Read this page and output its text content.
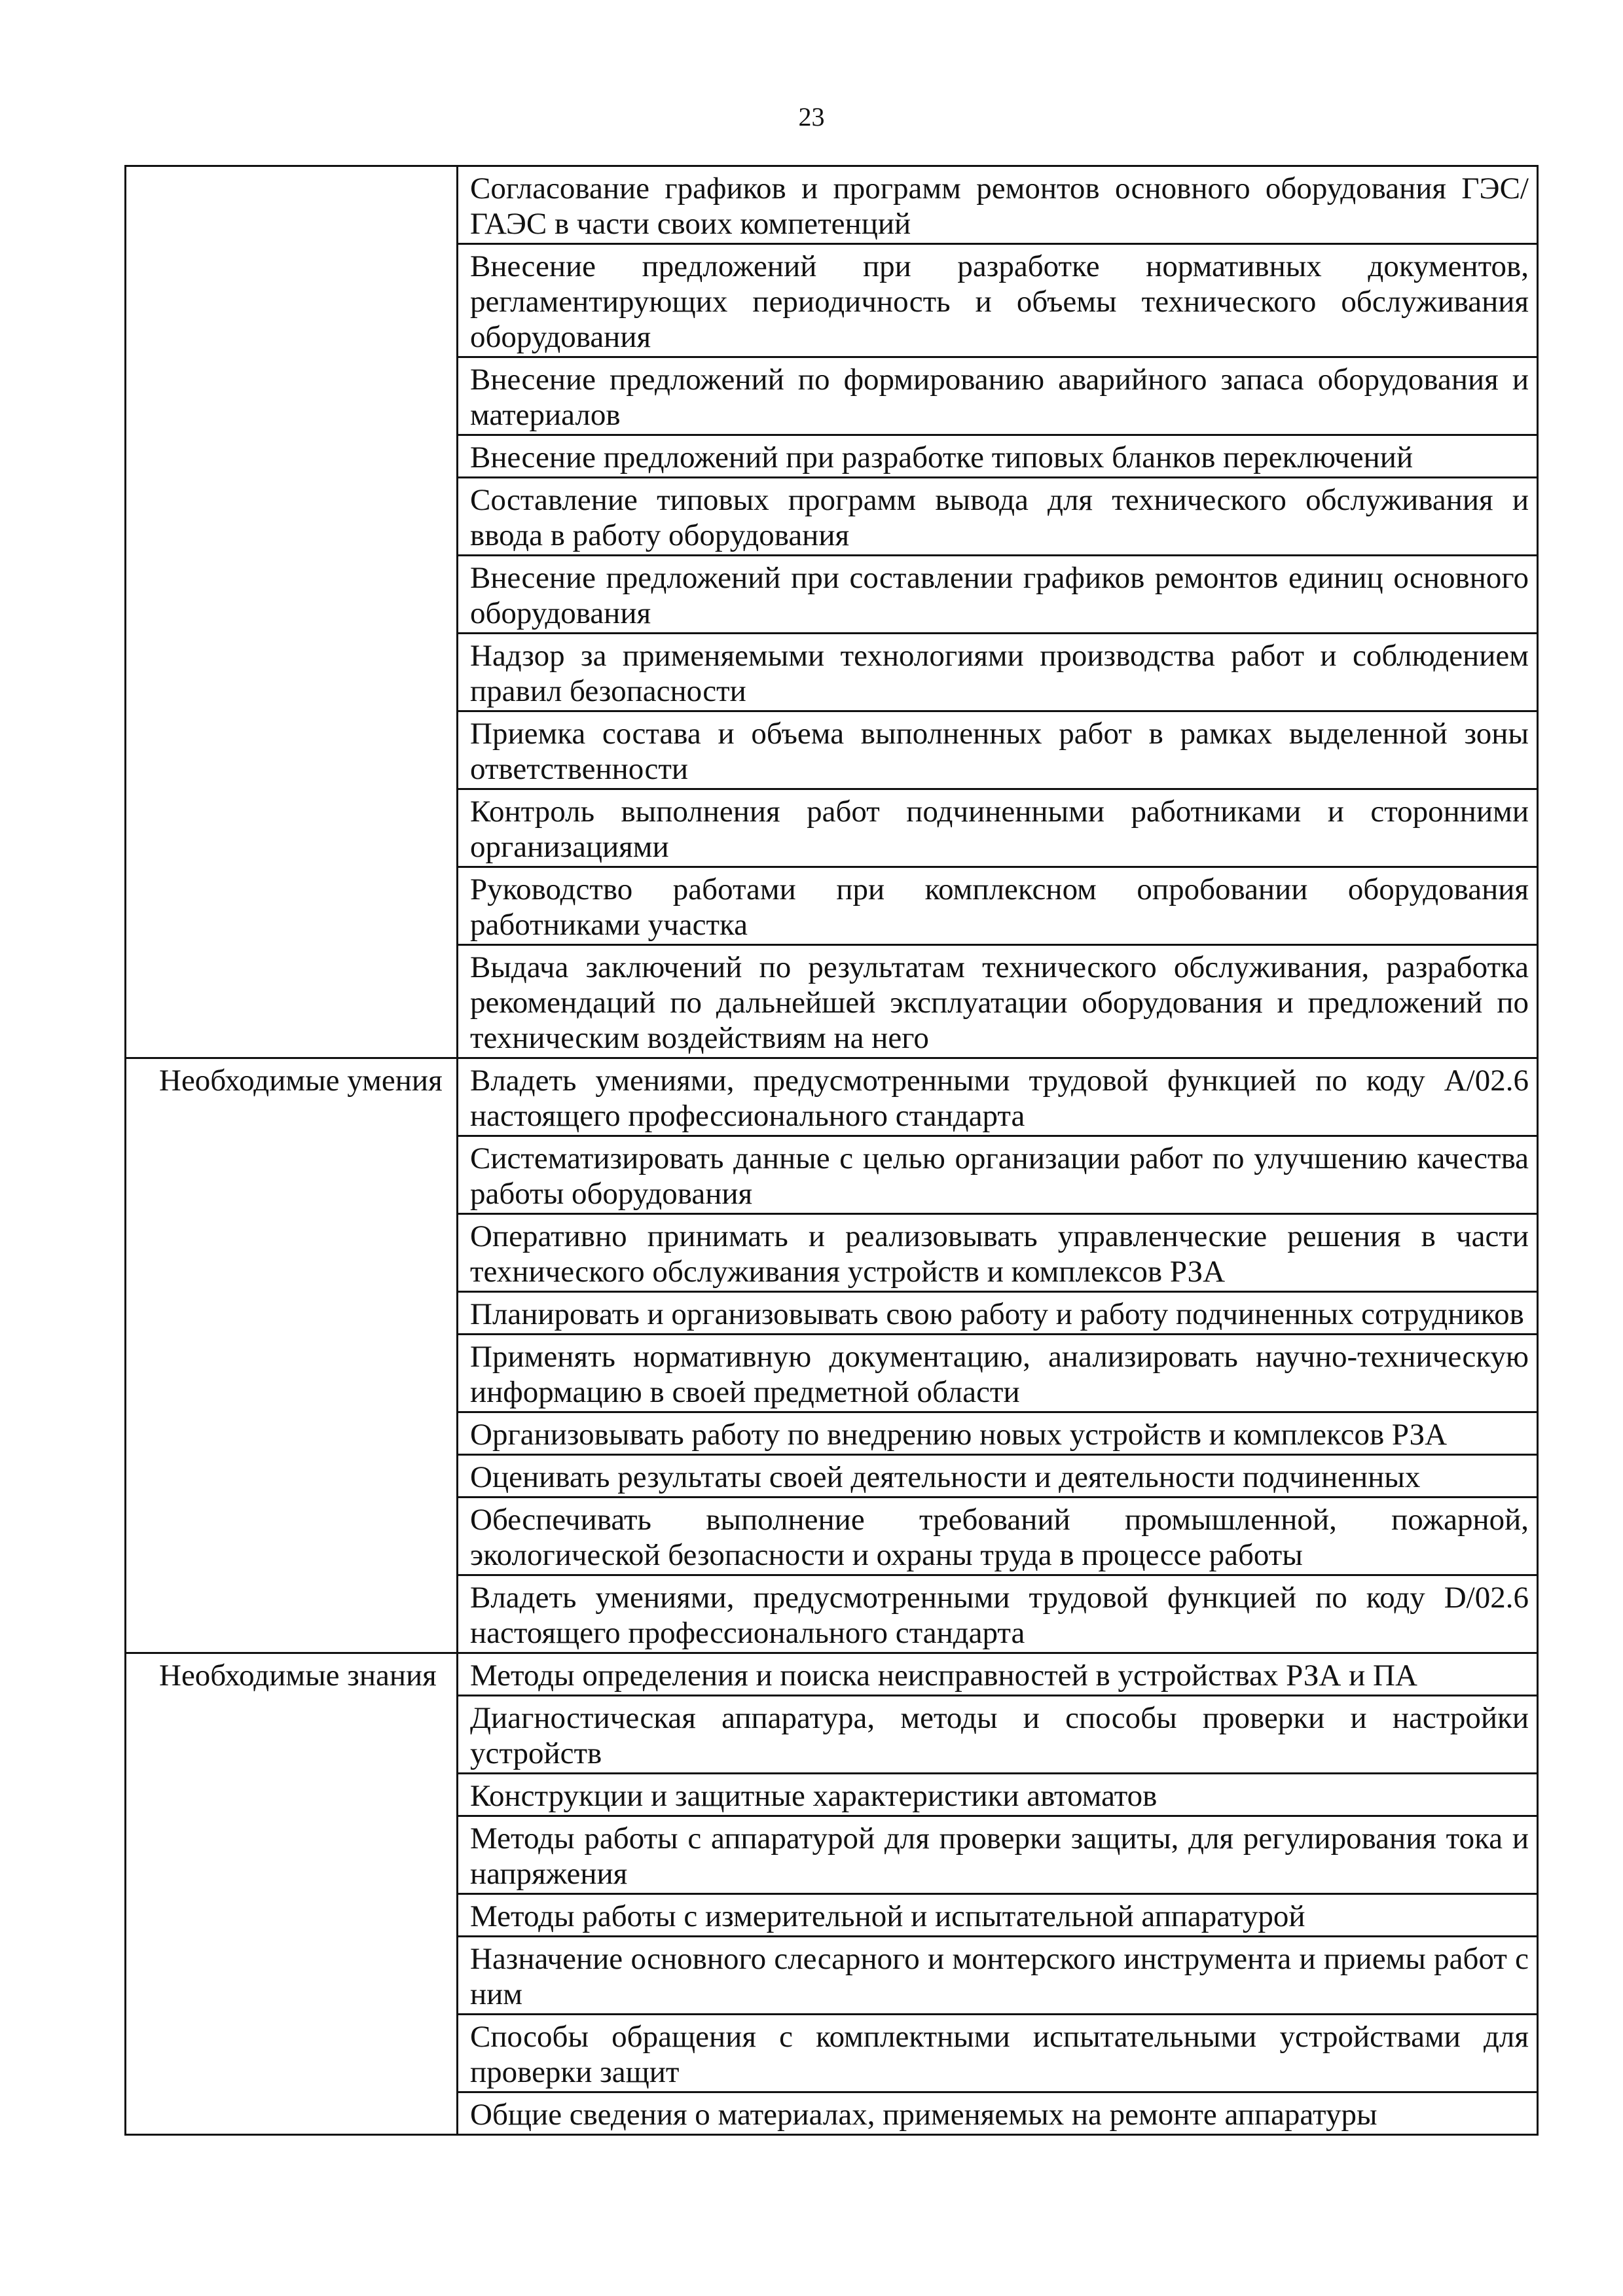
23
	Согласование графиков и программ ремонтов основного оборудования ГЭС/ГАЭС в части своих компетенций
	Внесение предложений при разработке нормативных документов, регламентирующих периодичность и объемы технического обслуживания оборудования
	Внесение предложений по формированию аварийного запаса оборудования и материалов
	Внесение предложений при разработке типовых бланков переключений
	Составление типовых программ вывода для технического обслуживания и ввода в работу оборудования
	Внесение предложений при составлении графиков ремонтов единиц основного оборудования
	Надзор за применяемыми технологиями производства работ и соблюдением правил безопасности
	Приемка состава и объема выполненных работ в рамках выделенной зоны ответственности
	Контроль выполнения работ подчиненными работниками и сторонними организациями
	Руководство работами при комплексном опробовании оборудования работниками участка
	Выдача заключений по результатам технического обслуживания, разработка рекомендаций по дальнейшей эксплуатации оборудования и предложений по техническим воздействиям на него
Необходимые умения	Владеть умениями, предусмотренными трудовой функцией по коду A/02.6 настоящего профессионального стандарта
	Систематизировать данные с целью организации работ по улучшению качества работы оборудования
	Оперативно принимать и реализовывать управленческие решения в части технического обслуживания устройств и комплексов РЗА
	Планировать и организовывать свою работу и работу подчиненных сотрудников
	Применять нормативную документацию, анализировать научно-техническую информацию в своей предметной области
	Организовывать работу по внедрению новых устройств и комплексов РЗА
	Оценивать результаты своей деятельности и деятельности подчиненных
	Обеспечивать выполнение требований промышленной, пожарной, экологической безопасности и охраны труда в процессе работы
	Владеть умениями, предусмотренными трудовой функцией по коду D/02.6 настоящего профессионального стандарта
Необходимые знания	Методы определения и поиска неисправностей в устройствах РЗА и ПА
	Диагностическая аппаратура, методы и способы проверки и настройки устройств
	Конструкции и защитные характеристики автоматов
	Методы работы с аппаратурой для проверки защиты, для регулирования тока и напряжения
	Методы работы с измерительной и испытательной аппаратурой
	Назначение основного слесарного и монтерского инструмента и приемы работ с ним
	Способы обращения с комплектными испытательными устройствами для проверки защит
	Общие сведения о материалах, применяемых на ремонте аппаратуры
